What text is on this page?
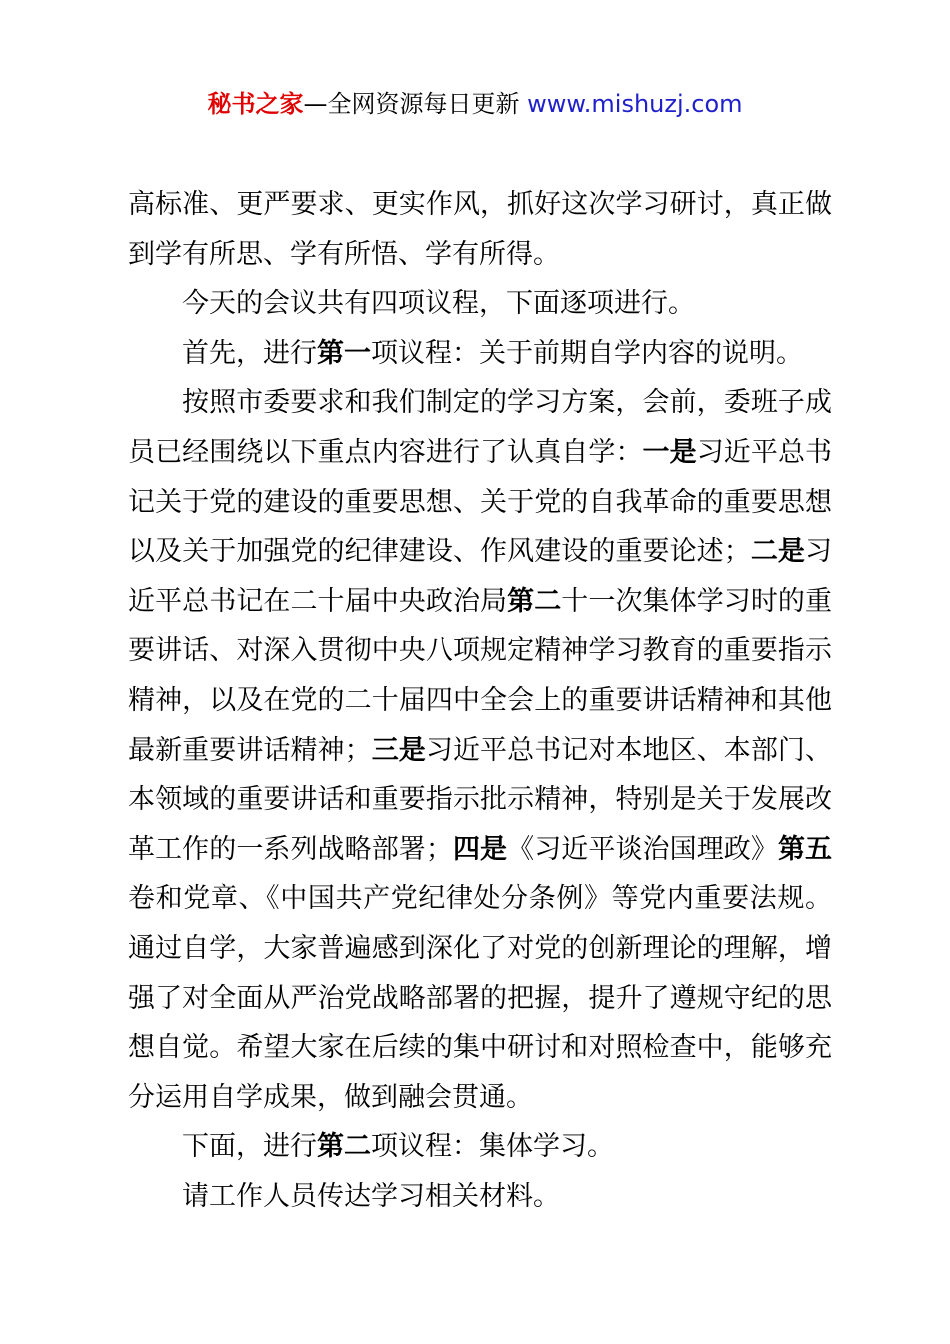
秘书之家—全网资源每日更新 www.mishuzj.com

高标准、更严要求、更实作风，抓好这次学习研讨，真正做到学有所思、学有所悟、学有所得。

今天的会议共有四项议程，下面逐项进行。

首先，进行第一项议程：关于前期自学内容的说明。

按照市委要求和我们制定的学习方案，会前，委班子成员已经围绕以下重点内容进行了认真自学：一是习近平总书记关于党的建设的重要思想、关于党的自我革命的重要思想以及关于加强党的纪律建设、作风建设的重要论述；二是习近平总书记在二十届中央政治局第二十一次集体学习时的重要讲话、对深入贯彻中央八项规定精神学习教育的重要指示精神，以及在党的二十届四中全会上的重要讲话精神和其他最新重要讲话精神；三是习近平总书记对本地区、本部门、本领域的重要讲话和重要指示批示精神，特别是关于发展改革工作的一系列战略部署；四是《习近平谈治国理政》第五卷和党章、《中国共产党纪律处分条例》等党内重要法规。通过自学，大家普遍感到深化了对党的创新理论的理解，增强了对全面从严治党战略部署的把握，提升了遵规守纪的思想自觉。希望大家在后续的集中研讨和对照检查中，能够充分运用自学成果，做到融会贯通。

下面，进行第二项议程：集体学习。

请工作人员传达学习相关材料。
